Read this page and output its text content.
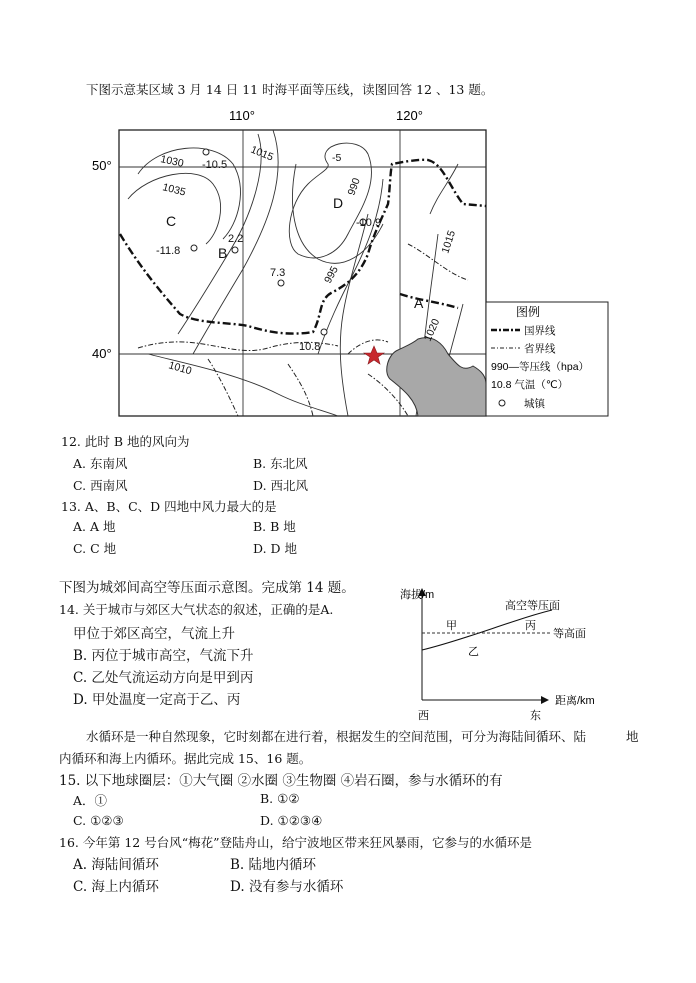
下图示意某区域 3 月 14 日 11 时海平面等压线，读图回答 12 、13 题。
110°	120°
50°
40°
1030
1035
1015	-5
990
995
1010
1015
1020
-10.5
-11.8
2.2
7.3
-10.9
10.8
C
B
D
A
图例
国界线
省界线
990—等压线（hpa）
10.8 气温（℃）
城镇
12. 此时 B 地的风向为
A. 东南风	B. 东北风
C. 西南风	D. 西北风
13. A、B、C、D 四地中风力最大的是
A. A 地	B. B 地
C. C 地	D. D 地
下图为城郊间高空等压面示意图。完成第 14 题。
14. 关于城市与郊区大气状态的叙述，正确的是A.
甲位于郊区高空，气流上升
B. 丙位于城市高空，气流下升
C. 乙处气流运动方向是甲到丙
D. 甲处温度一定高于乙、丙
海拔/m
距离/km
高空等压面
等高面
甲	丙
乙
西	东
水循环是一种自然现象，它时刻都在进行着，根据发生的空间范围，可分为海陆间循环、陆	地
内循环和海上内循环。据此完成 15、16 题。
15. 以下地球圈层：①大气圈 ②水圈 ③生物圈 ④岩石圈，参与水循环的有
A．①	B. ①②
C. ①②③	D. ①②③④
16. 今年第 12 号台风“梅花”登陆舟山，给宁波地区带来狂风暴雨，它参与的水循环是
A. 海陆间循环	B. 陆地内循环
C. 海上内循环	D. 没有参与水循环
